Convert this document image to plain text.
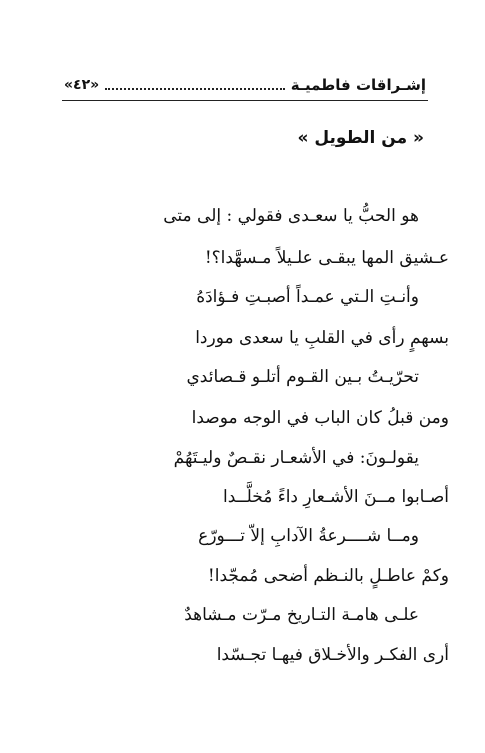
إشـراقات فاطميـة
«٤٢»
« من الطويل »
هو الحبُّ يا سعـدى فقولي : إلى متى
عـشيق المها يبقـى علـيلاً مـسهَّدا؟!
وأنـتِ الـتي عمـداً أصبـتِ فـؤادَهُ
بسهمٍ رأى في القلبِ يا سعدى موردا
تحرّيـتُ بـين القـوم أتلـو قـصائدي
ومن قبلُ كان الباب في الوجه موصدا
يقولـونَ: في الأشعـار نقـصٌ وليـتَهُمْ
أصـابوا مــنَ الأشـعارِ داءً مُخلَّــدا
ومــا شــــرعةُ الآدابِ إلاّ تـــورّع
وكمْ عاطـلٍ بالنـظم أضحى مُمجّدا!
علـى هامـة التـاريخ مـرّت مـشاهدٌ
أرى الفكـر والأخـلاق فيهـا تجـسّدا
